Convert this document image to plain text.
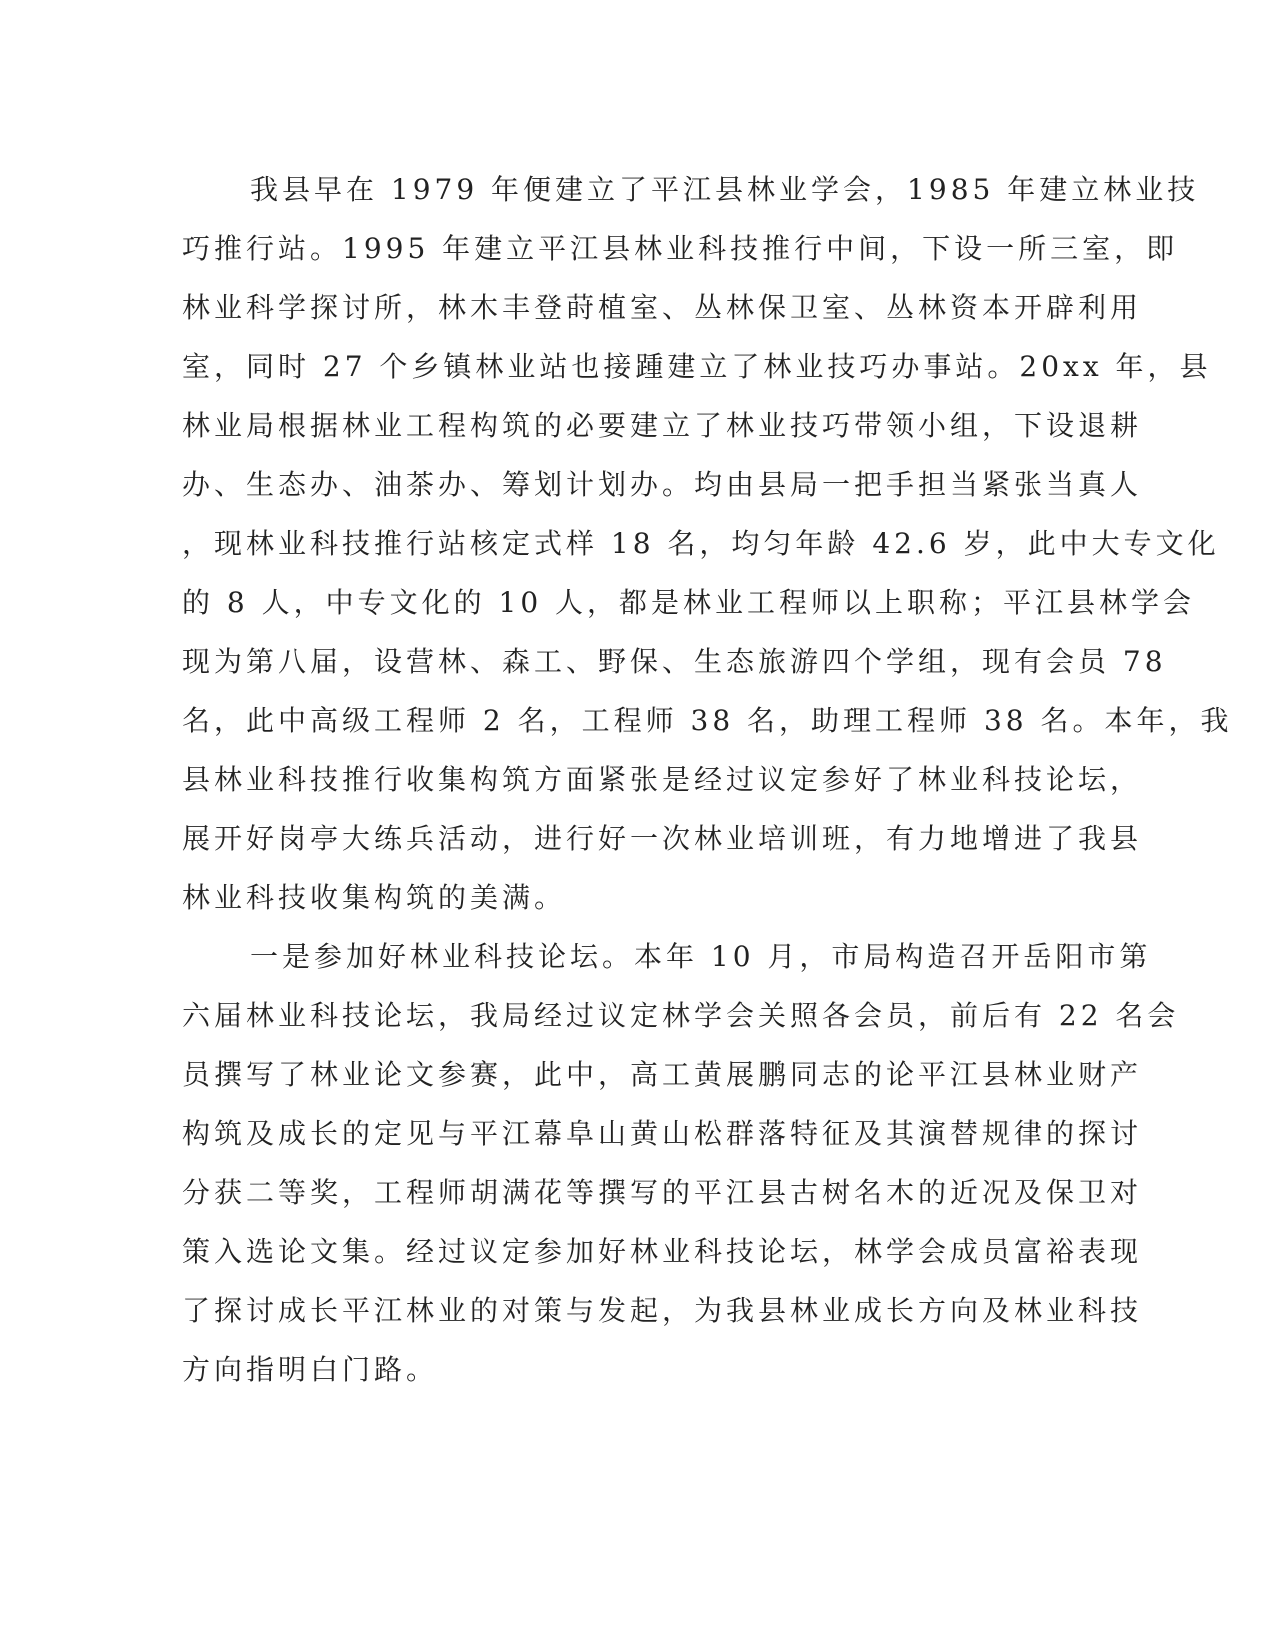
我县早在 1979 年便建立了平江县林业学会，1985 年建立林业技
巧推行站。1995 年建立平江县林业科技推行中间，下设一所三室，即
林业科学探讨所，林木丰登莳植室、丛林保卫室、丛林资本开辟利用
室，同时 27 个乡镇林业站也接踵建立了林业技巧办事站。20xx 年，县
林业局根据林业工程构筑的必要建立了林业技巧带领小组，下设退耕
办、生态办、油茶办、筹划计划办。均由县局一把手担当紧张当真人
，现林业科技推行站核定式样 18 名，均匀年龄 42.6 岁，此中大专文化
的 8 人，中专文化的 10 人，都是林业工程师以上职称；平江县林学会
现为第八届，设营林、森工、野保、生态旅游四个学组，现有会员 78
名，此中高级工程师 2 名，工程师 38 名，助理工程师 38 名。本年，我
县林业科技推行收集构筑方面紧张是经过议定参好了林业科技论坛，
展开好岗亭大练兵活动，进行好一次林业培训班，有力地增进了我县
林业科技收集构筑的美满。
一是参加好林业科技论坛。本年 10 月，市局构造召开岳阳市第
六届林业科技论坛，我局经过议定林学会关照各会员，前后有 22 名会
员撰写了林业论文参赛，此中，高工黄展鹏同志的论平江县林业财产
构筑及成长的定见与平江幕阜山黄山松群落特征及其演替规律的探讨
分获二等奖，工程师胡满花等撰写的平江县古树名木的近况及保卫对
策入选论文集。经过议定参加好林业科技论坛，林学会成员富裕表现
了探讨成长平江林业的对策与发起，为我县林业成长方向及林业科技
方向指明白门路。
